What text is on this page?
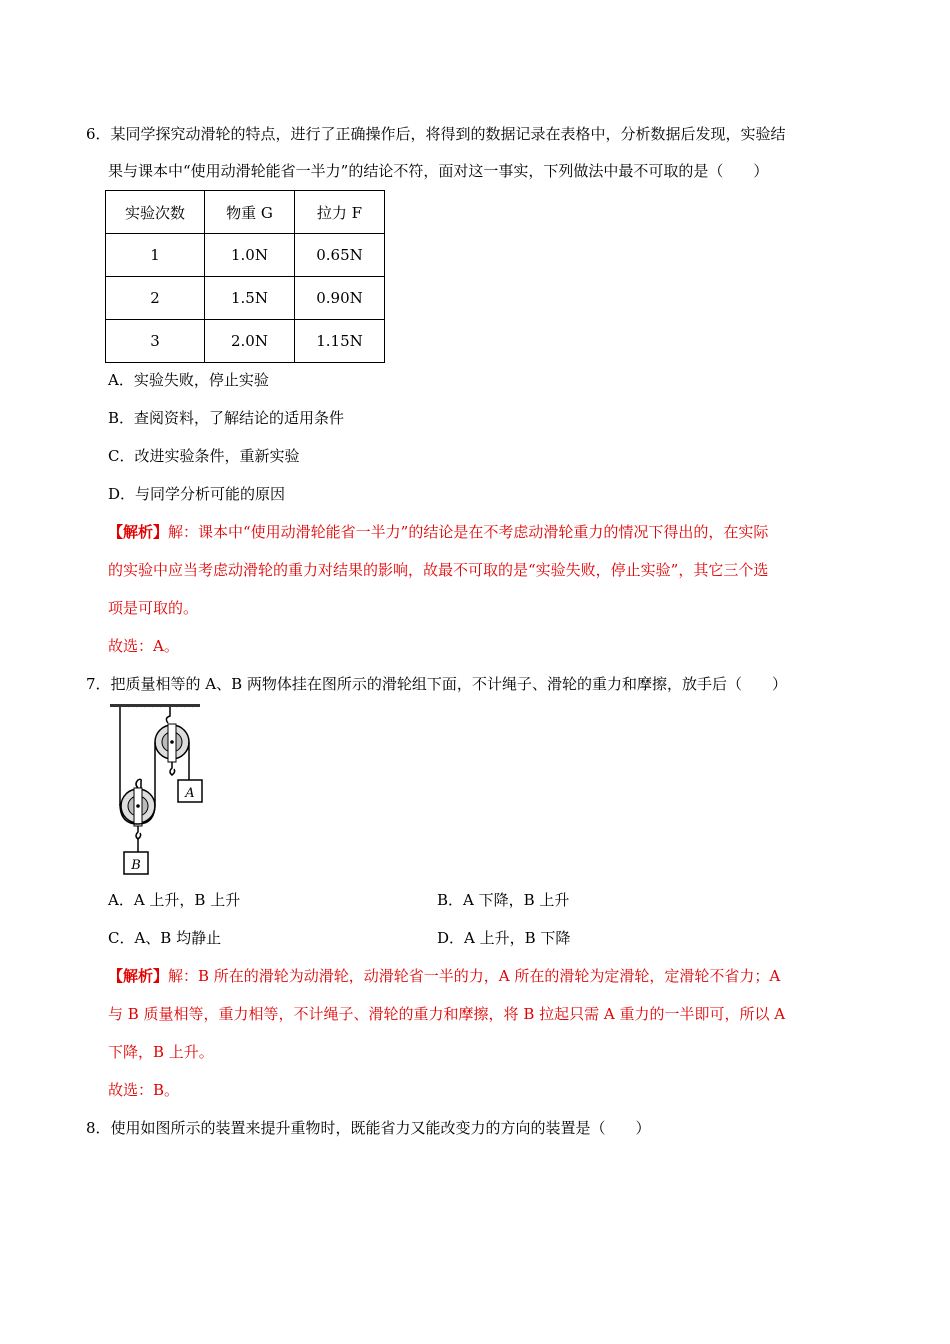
6．某同学探究动滑轮的特点，进行了正确操作后，将得到的数据记录在表格中，分析数据后发现，实验结
果与课本中“使用动滑轮能省一半力”的结论不符，面对这一事实，下列做法中最不可取的是（　　）
实验次数	物重 G	拉力 F
1	1.0N	0.65N
2	1.5N	0.90N
3	2.0N	1.15N
A．实验失败，停止实验
B．查阅资料，了解结论的适用条件
C．改进实验条件，重新实验
D．与同学分析可能的原因
【解析】解：课本中“使用动滑轮能省一半力”的结论是在不考虑动滑轮重力的情况下得出的，在实际
的实验中应当考虑动滑轮的重力对结果的影响，故最不可取的是“实验失败，停止实验”，其它三个选
项是可取的。
故选：A。
7．把质量相等的 A、B 两物体挂在图所示的滑轮组下面，不计绳子、滑轮的重力和摩擦，放手后（　　）
A
B
A．A 上升，B 上升	B．A 下降，B 上升
C．A、B 均静止	D．A 上升，B 下降
【解析】解：B 所在的滑轮为动滑轮，动滑轮省一半的力，A 所在的滑轮为定滑轮，定滑轮不省力；A
与 B 质量相等，重力相等，不计绳子、滑轮的重力和摩擦，将 B 拉起只需 A 重力的一半即可，所以 A
下降，B 上升。
故选：B。
8．使用如图所示的装置来提升重物时，既能省力又能改变力的方向的装置是（　　）
